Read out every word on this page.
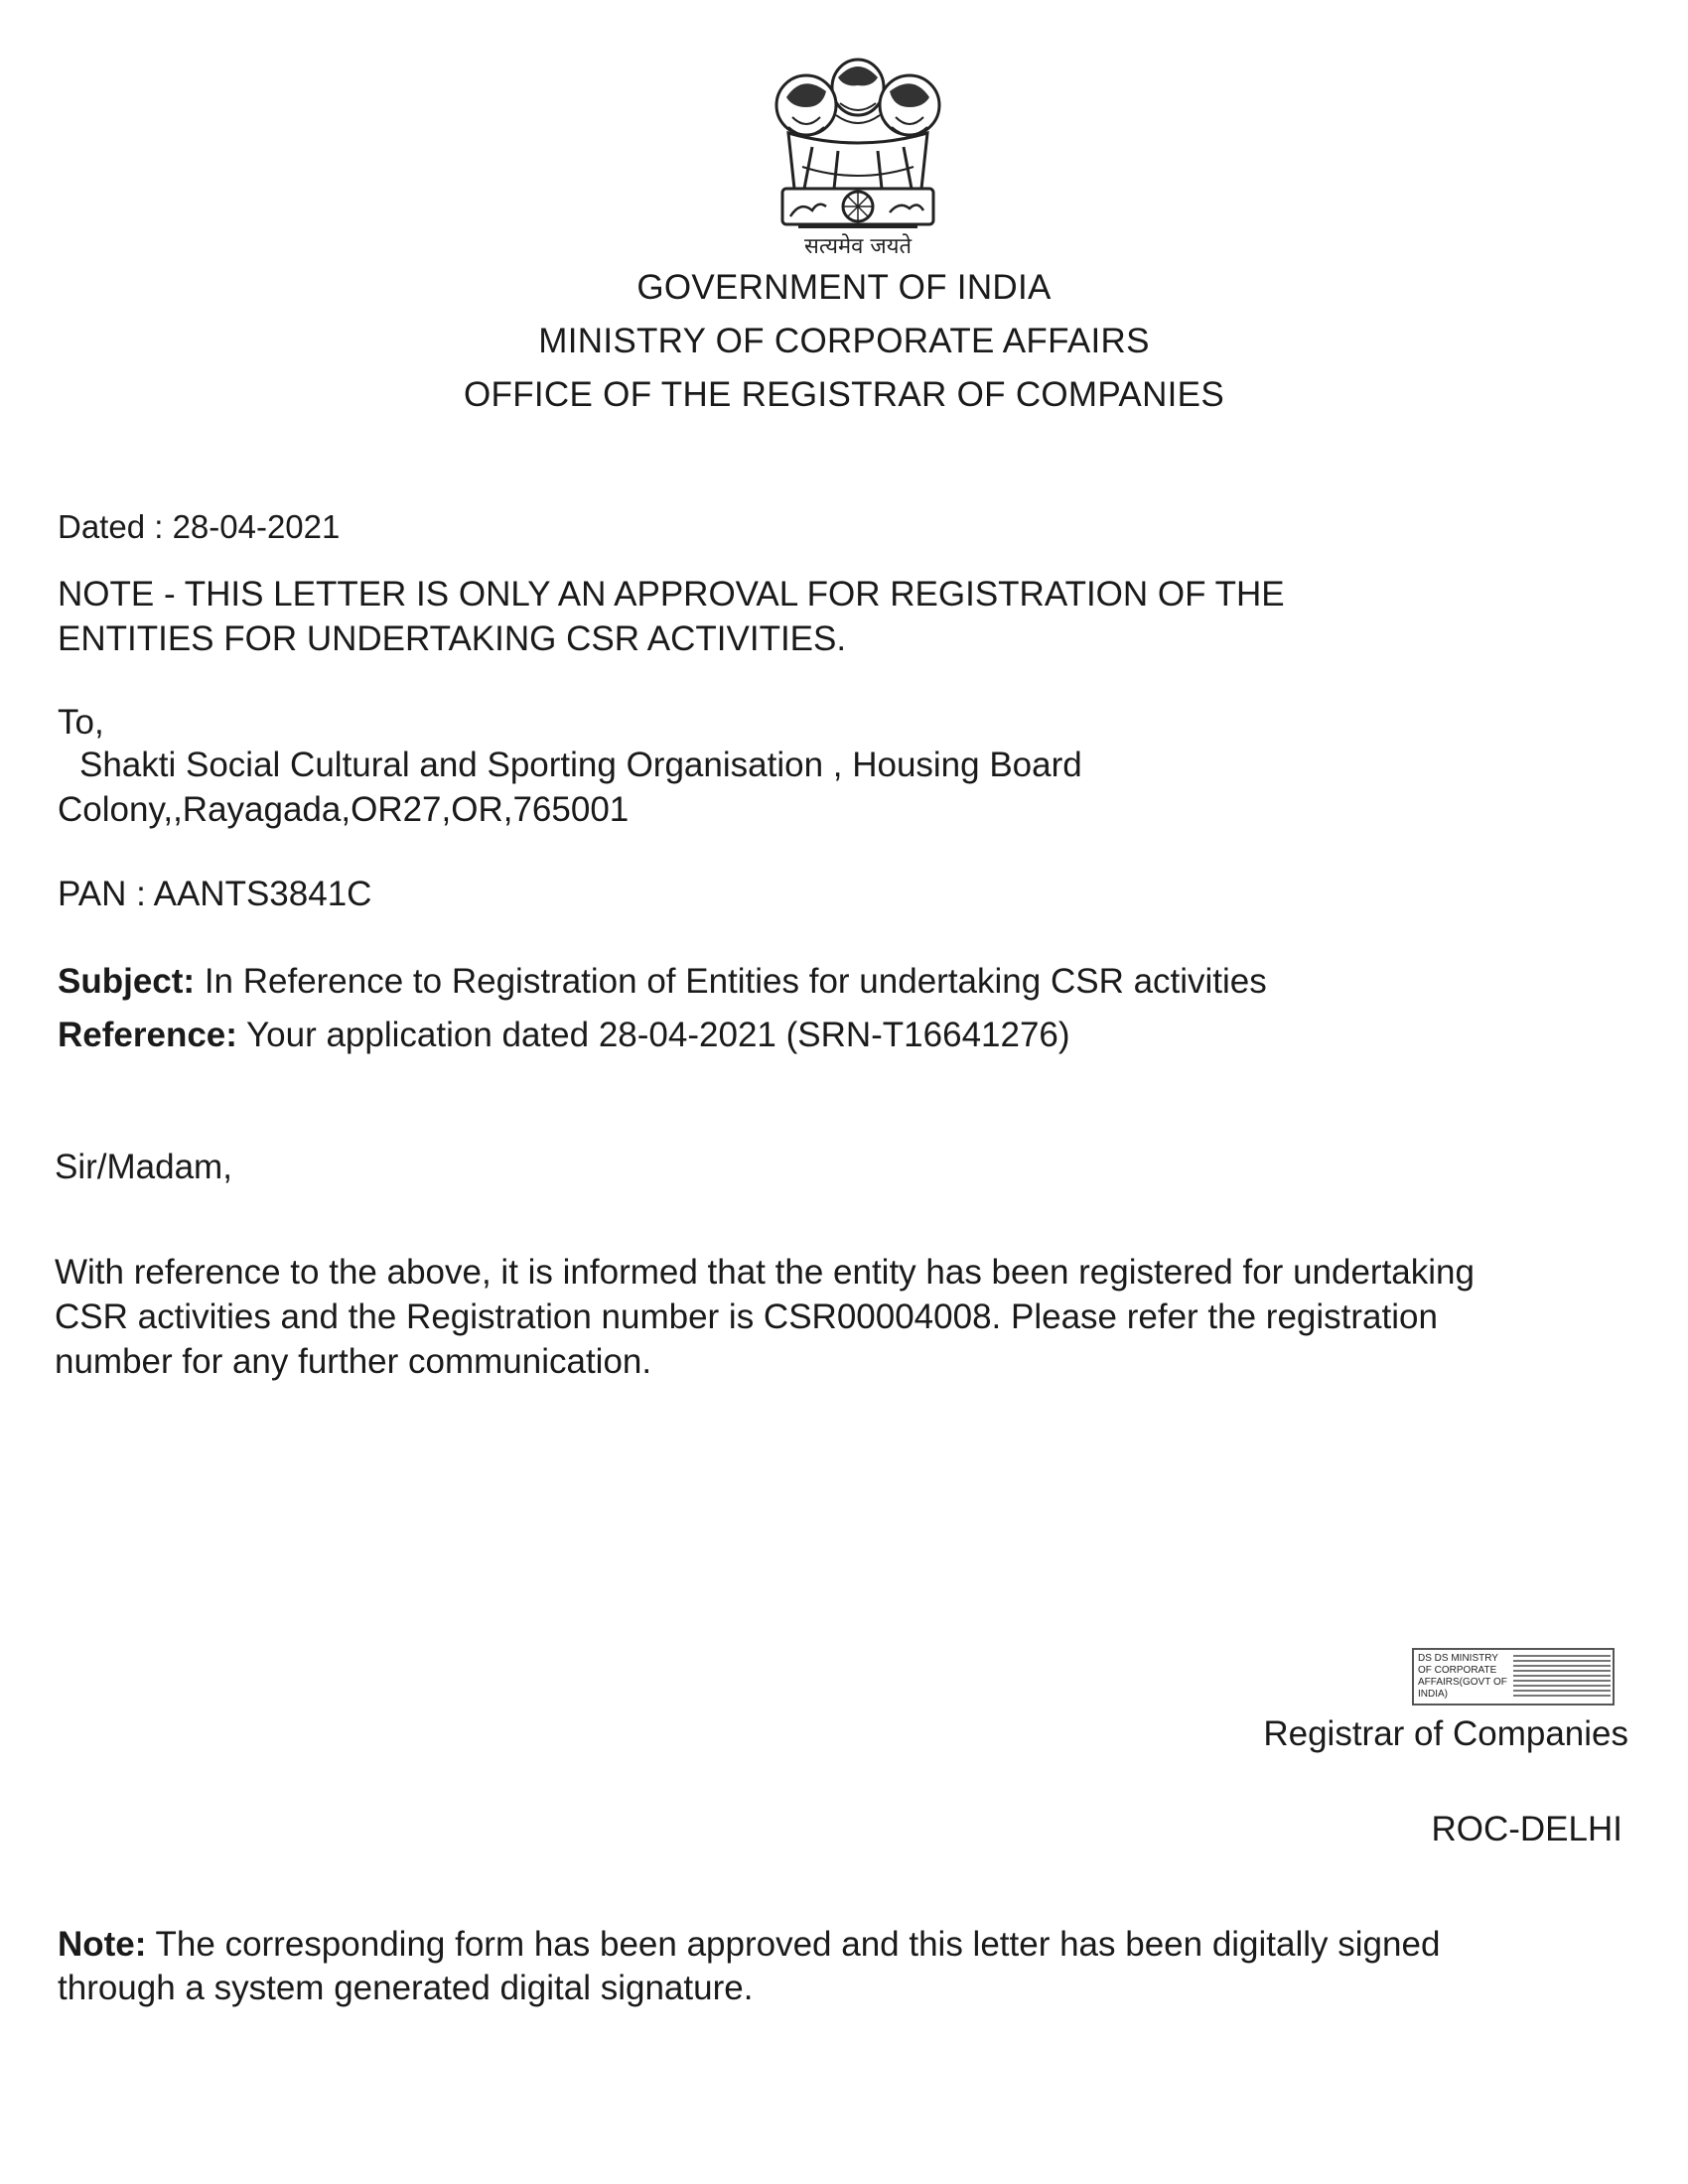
सत्यमेव जयते
GOVERNMENT OF INDIA
MINISTRY OF CORPORATE AFFAIRS
OFFICE OF THE REGISTRAR OF COMPANIES
Dated : 28-04-2021
NOTE - THIS LETTER IS ONLY AN APPROVAL FOR REGISTRATION OF THE
ENTITIES FOR UNDERTAKING CSR ACTIVITIES.
To,
Shakti Social Cultural and Sporting Organisation , Housing Board
Colony,,Rayagada,OR27,OR,765001
PAN : AANTS3841C
Subject: In Reference to Registration of Entities for undertaking CSR activities
Reference: Your application dated 28-04-2021 (SRN-T16641276)
Sir/Madam,
With reference to the above, it is informed that the entity has been registered for undertaking
CSR activities and the Registration number is CSR00004008. Please refer the registration
number for any further communication.
DS DS MINISTRY OF CORPORATE AFFAIRS(GOVT OF INDIA)
Registrar of Companies
ROC-DELHI
Note: The corresponding form has been approved and this letter has been digitally signed
through a system generated digital signature.
